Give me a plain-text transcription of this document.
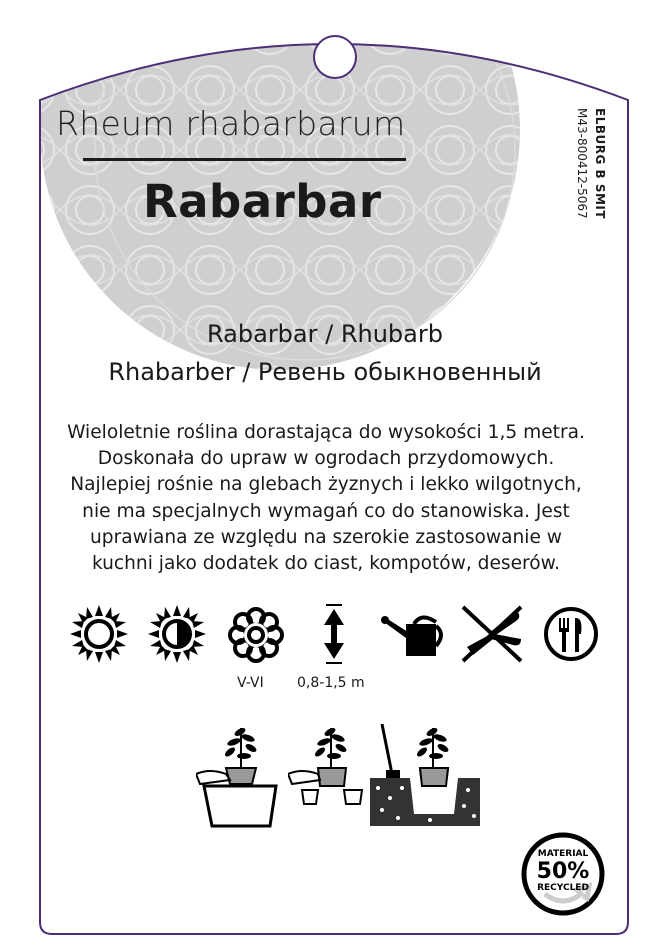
Rheum rhabarbarum
Rabarbar	ELBURG B SMIT
M43-800412-5067
Rabarbar / Rhubarb
Rhabarber / Ревень обыкновенный
Wieloletnie roślina dorastająca do wysokości 1,5 metra.
Doskonała do upraw w ogrodach przydomowych.
Najlepiej rośnie na glebach żyznych i lekko wilgotnych,
nie ma specjalnych wymagań co do stanowiska. Jest
uprawiana ze względu na szerokie zastosowanie w
kuchni jako dodatek do ciast, kompotów, deserów.
V-VI 0,8-1,5 m
MATERIAL
50%
RECYCLED
